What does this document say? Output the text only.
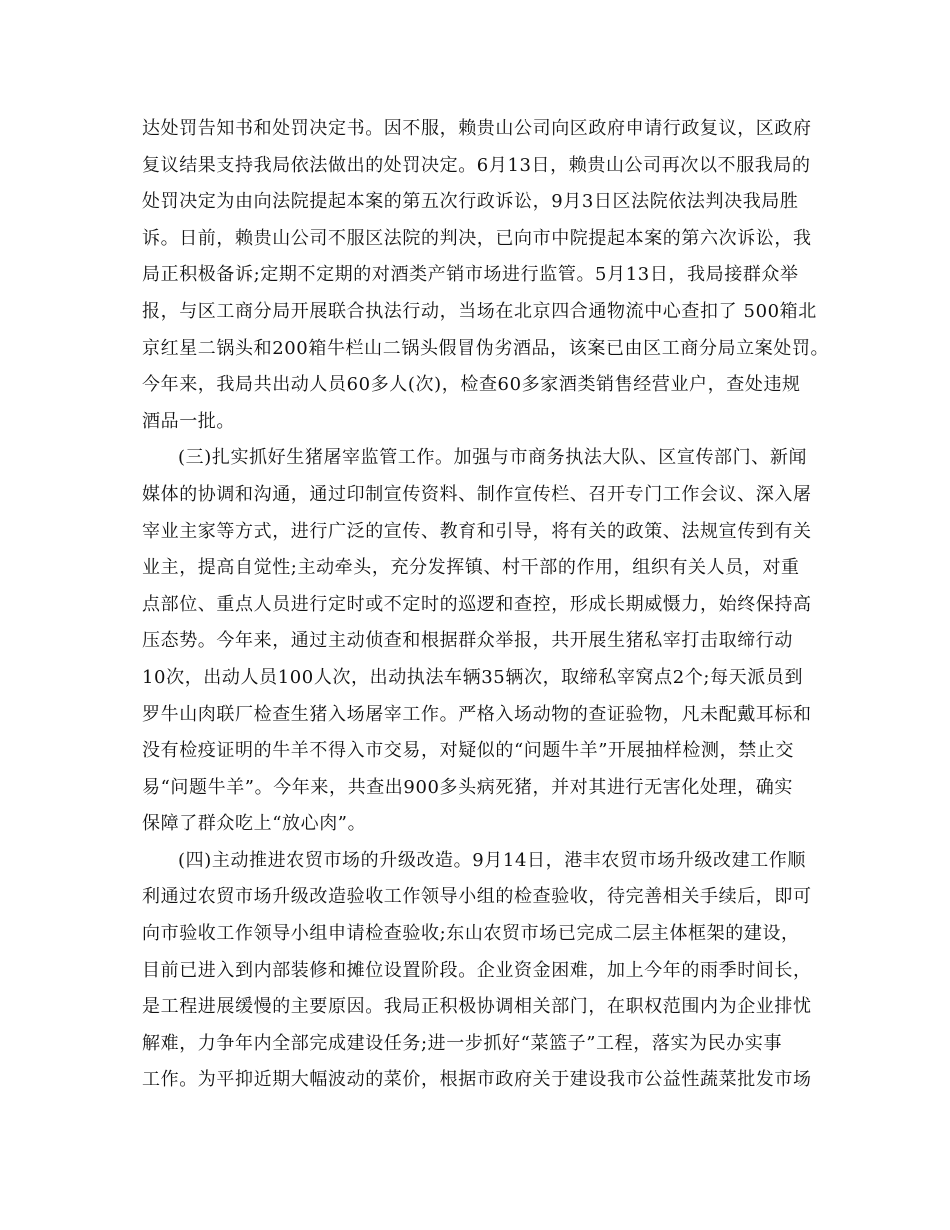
达处罚告知书和处罚决定书。因不服，赖贵山公司向区政府申请行政复议，区政府
复议结果支持我局依法做出的处罚决定。6月13日，赖贵山公司再次以不服我局的
处罚决定为由向法院提起本案的第五次行政诉讼，9月3日区法院依法判决我局胜
诉。日前，赖贵山公司不服区法院的判决，已向市中院提起本案的第六次诉讼，我
局正积极备诉;定期不定期的对酒类产销市场进行监管。5月13日，我局接群众举
报，与区工商分局开展联合执法行动，当场在北京四合通物流中心查扣了 500箱北
京红星二锅头和200箱牛栏山二锅头假冒伪劣酒品，该案已由区工商分局立案处罚。
今年来，我局共出动人员60多人(次)，检查60多家酒类销售经营业户，查处违规
酒品一批。
(三)扎实抓好生猪屠宰监管工作。加强与市商务执法大队、区宣传部门、新闻
媒体的协调和沟通，通过印制宣传资料、制作宣传栏、召开专门工作会议、深入屠
宰业主家等方式，进行广泛的宣传、教育和引导，将有关的政策、法规宣传到有关
业主，提高自觉性;主动牵头，充分发挥镇、村干部的作用，组织有关人员，对重
点部位、重点人员进行定时或不定时的巡逻和查控，形成长期威慑力，始终保持高
压态势。今年来，通过主动侦查和根据群众举报，共开展生猪私宰打击取缔行动
10次，出动人员100人次，出动执法车辆35辆次，取缔私宰窝点2个;每天派员到
罗牛山肉联厂检查生猪入场屠宰工作。严格入场动物的查证验物，凡未配戴耳标和
没有检疫证明的牛羊不得入市交易，对疑似的“问题牛羊”开展抽样检测，禁止交
易“问题牛羊”。今年来，共查出900多头病死猪，并对其进行无害化处理，确实
保障了群众吃上“放心肉”。
(四)主动推进农贸市场的升级改造。9月14日，港丰农贸市场升级改建工作顺
利通过农贸市场升级改造验收工作领导小组的检查验收，待完善相关手续后，即可
向市验收工作领导小组申请检查验收;东山农贸市场已完成二层主体框架的建设，
目前已进入到内部装修和摊位设置阶段。企业资金困难，加上今年的雨季时间长，
是工程进展缓慢的主要原因。我局正积极协调相关部门，在职权范围内为企业排忧
解难，力争年内全部完成建设任务;进一步抓好“菜篮子”工程，落实为民办实事
工作。为平抑近期大幅波动的菜价，根据市政府关于建设我市公益性蔬菜批发市场
